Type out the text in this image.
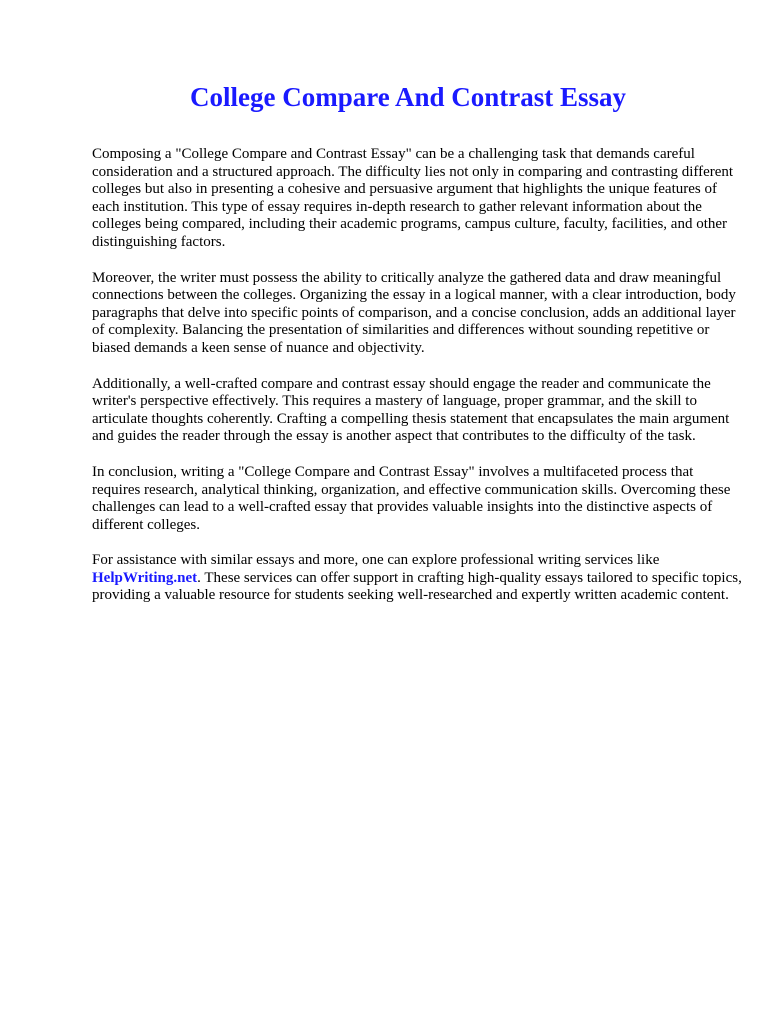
College Compare And Contrast Essay

Composing a "College Compare and Contrast Essay" can be a challenging task that demands careful consideration and a structured approach. The difficulty lies not only in comparing and contrasting different colleges but also in presenting a cohesive and persuasive argument that highlights the unique features of each institution. This type of essay requires in-depth research to gather relevant information about the colleges being compared, including their academic programs, campus culture, faculty, facilities, and other distinguishing factors.

Moreover, the writer must possess the ability to critically analyze the gathered data and draw meaningful connections between the colleges. Organizing the essay in a logical manner, with a clear introduction, body paragraphs that delve into specific points of comparison, and a concise conclusion, adds an additional layer of complexity. Balancing the presentation of similarities and differences without sounding repetitive or biased demands a keen sense of nuance and objectivity.

Additionally, a well-crafted compare and contrast essay should engage the reader and communicate the writer's perspective effectively. This requires a mastery of language, proper grammar, and the skill to articulate thoughts coherently. Crafting a compelling thesis statement that encapsulates the main argument and guides the reader through the essay is another aspect that contributes to the difficulty of the task.

In conclusion, writing a "College Compare and Contrast Essay" involves a multifaceted process that requires research, analytical thinking, organization, and effective communication skills. Overcoming these challenges can lead to a well-crafted essay that provides valuable insights into the distinctive aspects of different colleges.

For assistance with similar essays and more, one can explore professional writing services like HelpWriting.net. These services can offer support in crafting high-quality essays tailored to specific topics, providing a valuable resource for students seeking well-researched and expertly written academic content.
